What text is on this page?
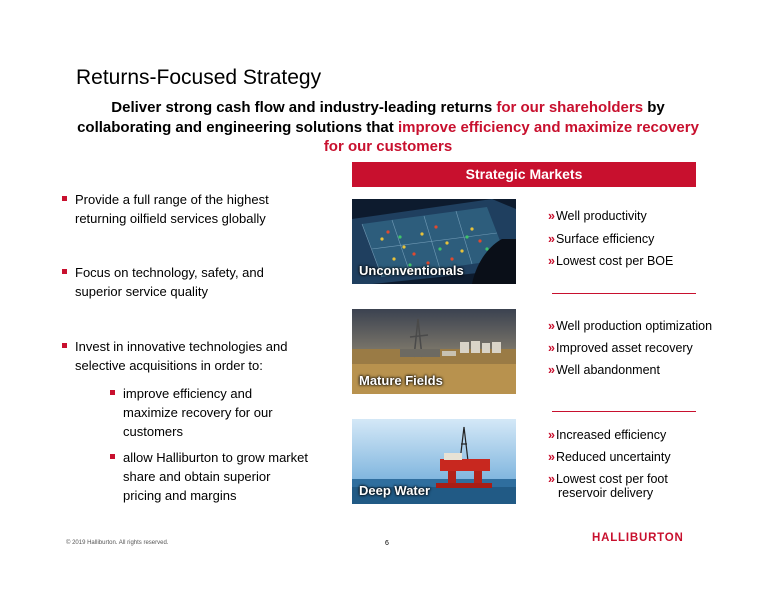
Returns-Focused Strategy
Deliver strong cash flow and industry-leading returns for our shareholders by collaborating and engineering solutions that improve efficiency and maximize recovery for our customers
Provide a full range of the highest
returning oilfield services globally
Focus on technology, safety, and
superior service quality
Invest in innovative technologies and
selective acquisitions in order to:
improve efficiency and
maximize recovery for our
customers
allow Halliburton to grow market
share and obtain superior
pricing and margins
Strategic Markets
Unconventionals
Mature Fields
Deep Water
»Well productivity
»Surface efficiency
»Lowest cost per BOE
»Well production optimization
»Improved asset recovery
»Well abandonment
»Increased efficiency
»Reduced uncertainty
»Lowest cost per foot
reservoir delivery
© 2019 Halliburton. All rights reserved.	6	HALLIBURTON
